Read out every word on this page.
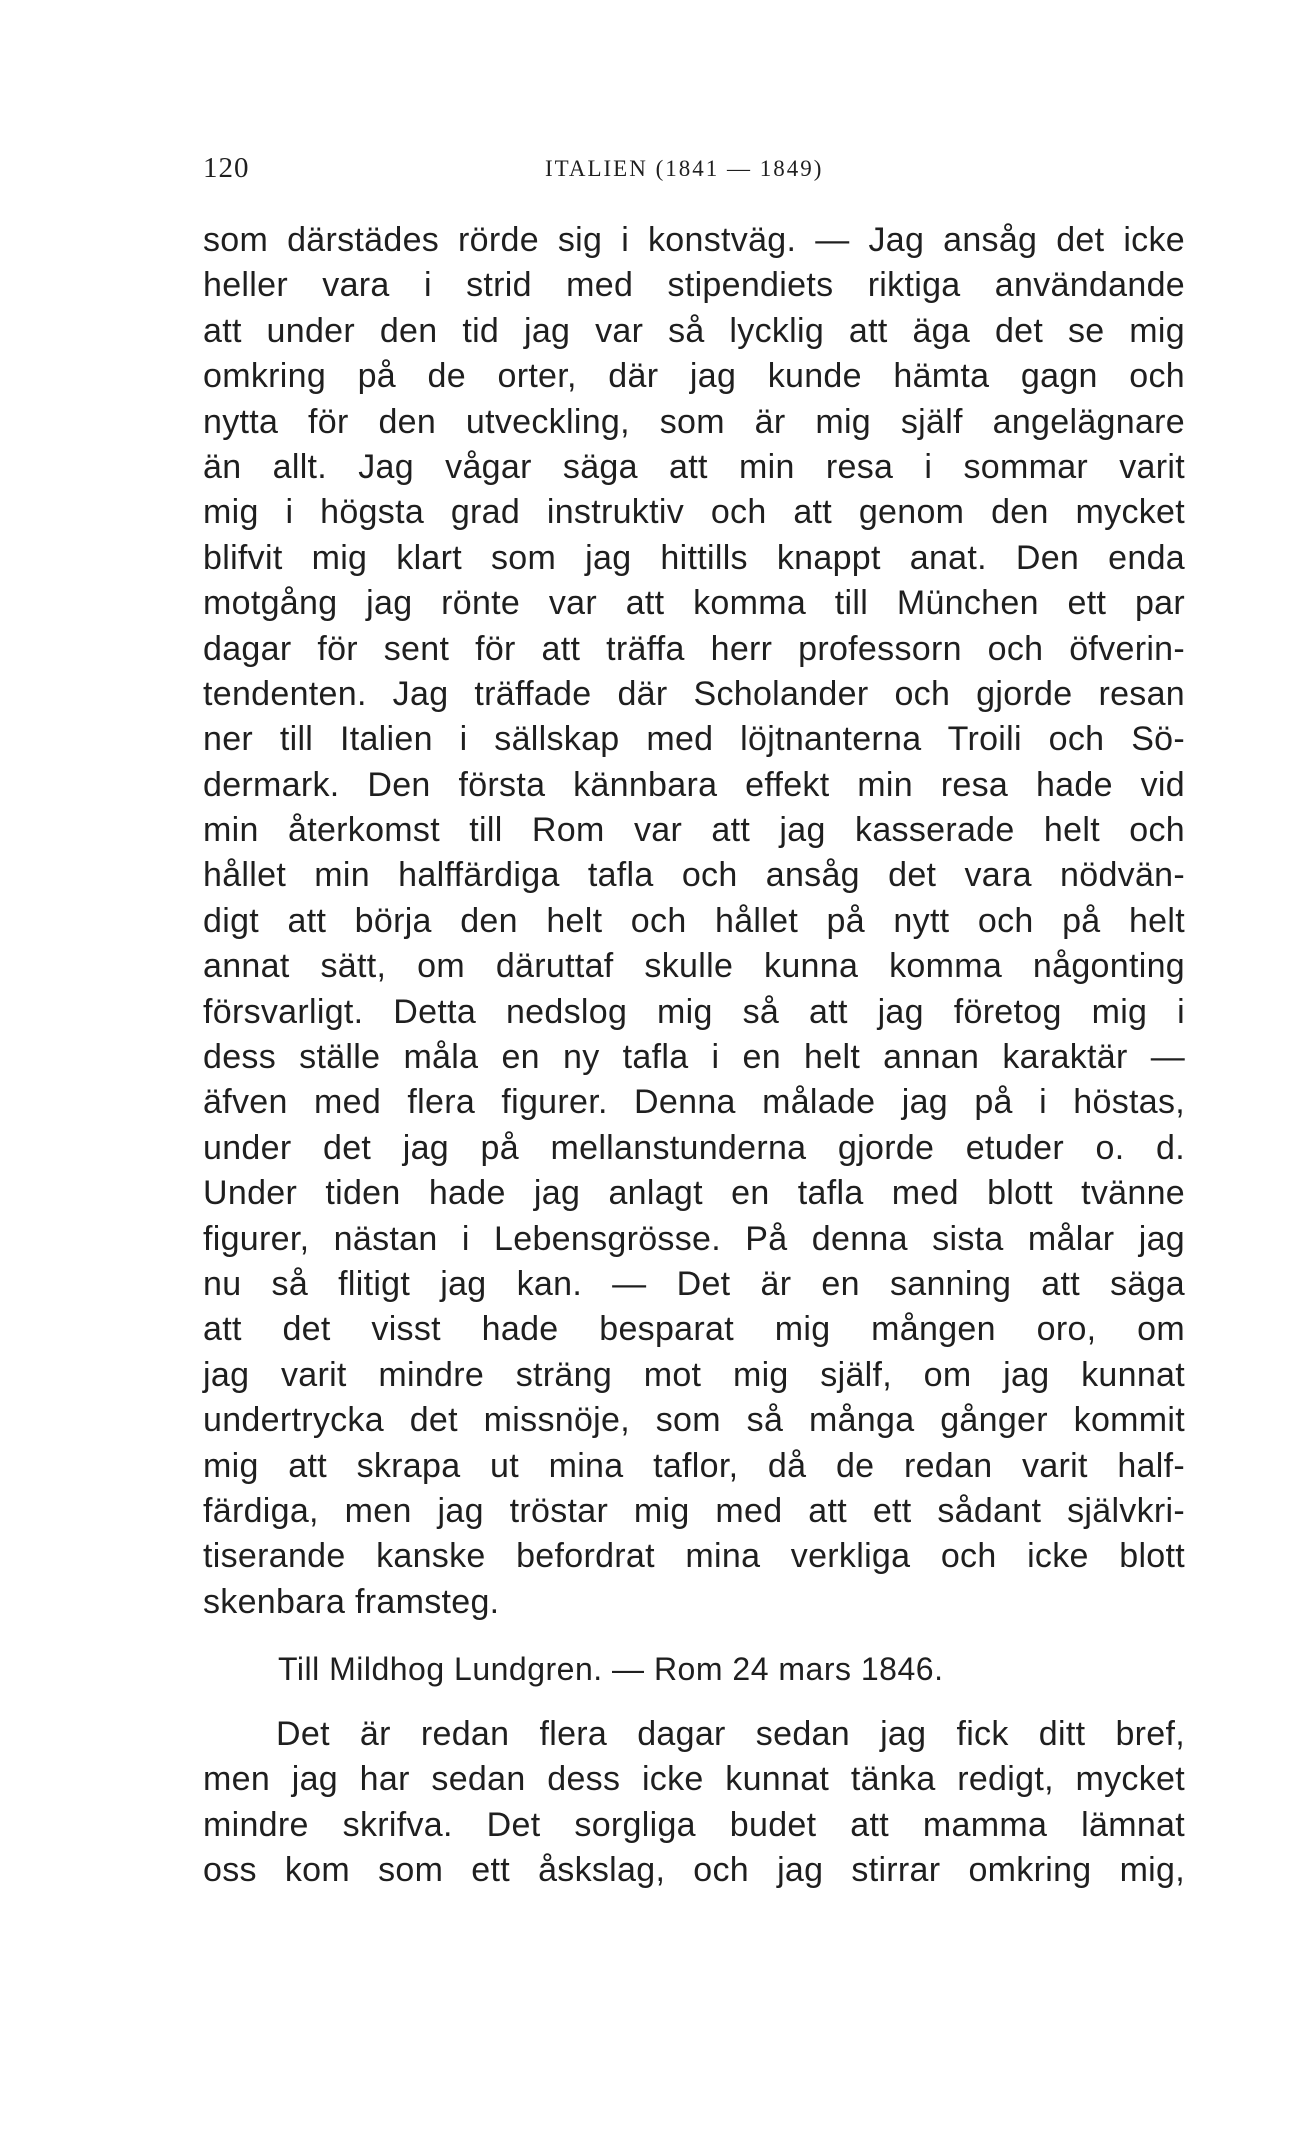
120	ITALIEN (1841 — 1849)
som därstädes rörde sig i konstväg. — Jag ansåg det icke
heller vara i strid med stipendiets riktiga användande
att under den tid jag var så lycklig att äga det se mig
omkring på de orter, där jag kunde hämta gagn och
nytta för den utveckling, som är mig själf angelägnare
än allt. Jag vågar säga att min resa i sommar varit
mig i högsta grad instruktiv och att genom den mycket
blifvit mig klart som jag hittills knappt anat. Den enda
motgång jag rönte var att komma till München ett par
dagar för sent för att träffa herr professorn och öfverin-
tendenten. Jag träffade där Scholander och gjorde resan
ner till Italien i sällskap med löjtnanterna Troili och Sö-
dermark. Den första kännbara effekt min resa hade vid
min återkomst till Rom var att jag kasserade helt och
hållet min halffärdiga tafla och ansåg det vara nödvän-
digt att börja den helt och hållet på nytt och på helt
annat sätt, om däruttaf skulle kunna komma någonting
försvarligt. Detta nedslog mig så att jag företog mig i
dess ställe måla en ny tafla i en helt annan karaktär —
äfven med flera figurer. Denna målade jag på i höstas,
under det jag på mellanstunderna gjorde etuder o. d.
Under tiden hade jag anlagt en tafla med blott tvänne
figurer, nästan i Lebensgrösse. På denna sista målar jag
nu så flitigt jag kan. — Det är en sanning att säga
att det visst hade besparat mig mången oro, om
jag varit mindre sträng mot mig själf, om jag kunnat
undertrycka det missnöje, som så många gånger kommit
mig att skrapa ut mina taflor, då de redan varit half-
färdiga, men jag tröstar mig med att ett sådant självkri-
tiserande kanske befordrat mina verkliga och icke blott
skenbara framsteg.
Till Mildhog Lundgren. — Rom 24 mars 1846.
Det är redan flera dagar sedan jag fick ditt bref,
men jag har sedan dess icke kunnat tänka redigt, mycket
mindre skrifva. Det sorgliga budet att mamma lämnat
oss kom som ett åskslag, och jag stirrar omkring mig,
